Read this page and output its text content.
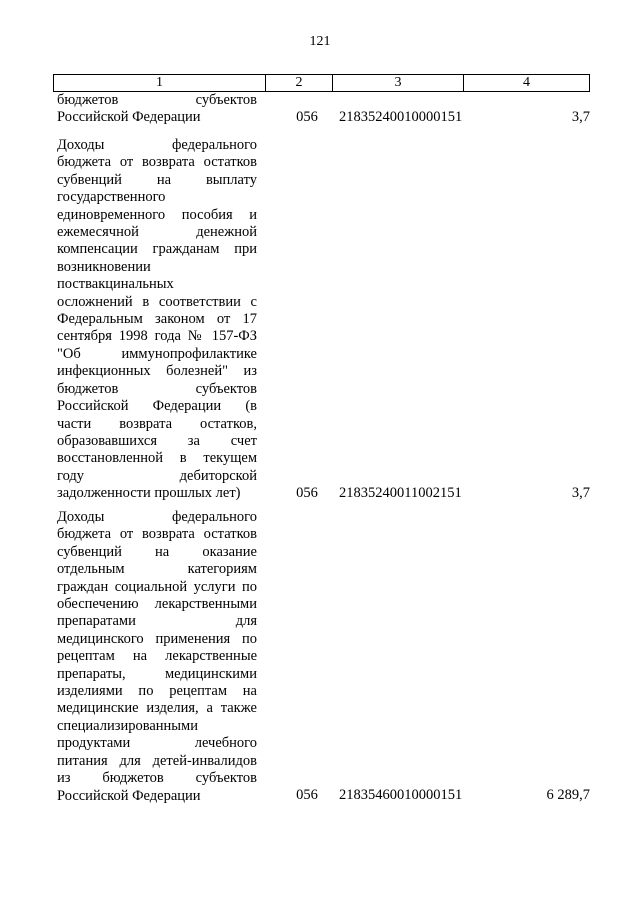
121
1	2	3	4
бюджетов субъектов
Российской Федерации	056	21835240010000151	3,7
Доходы федерального
бюджета от возврата остатков
субвенций на выплату
государственного
единовременного пособия и
ежемесячной денежной
компенсации гражданам при
возникновении
поствакцинальных
осложнений в соответствии с
Федеральным законом от 17
сентября 1998 года № 157-ФЗ
"Об иммунопрофилактике
инфекционных болезней" из
бюджетов субъектов
Российской Федерации (в
части возврата остатков,
образовавшихся за счет
восстановленной в текущем
году дебиторской
задолженности прошлых лет)	056	21835240011002151	3,7
Доходы федерального
бюджета от возврата остатков
субвенций на оказание
отдельным категориям
граждан социальной услуги по
обеспечению лекарственными
препаратами для
медицинского применения по
рецептам на лекарственные
препараты, медицинскими
изделиями по рецептам на
медицинские изделия, а также
специализированными
продуктами лечебного
питания для детей-инвалидов
из бюджетов субъектов
Российской Федерации	056	21835460010000151	6 289,7
